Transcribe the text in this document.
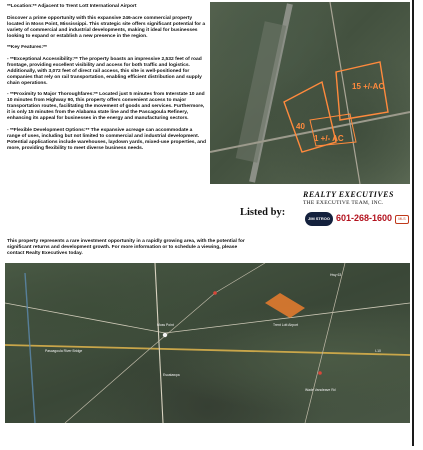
**Location:** Adjacent to Trent Lott International Airport

Discover a prime opportunity with this expansive 246-acre commercial property located in Moss Point, Mississippi. This strategic site offers significant potential for a variety of commercial and industrial developments, making it ideal for businesses looking to expand or establish a new presence in the region.

**Key Features:**

- **Exceptional Accessibility:** The property boasts an impressive 2,532 feet of road frontage, providing excellent visibility and access for both traffic and logistics. Additionally, with 3,072 feet of direct rail access, this site is well-positioned for companies that rely on rail transportation, enabling efficient distribution and supply chain operations.

- **Proximity to Major Thoroughfares:** Located just 5 minutes from Interstate 10 and 10 minutes from Highway 90, this property offers convenient access to major transportation routes, facilitating the movement of goods and services. Furthermore, it is only 15 minutes from the Alabama state line and the Pascagoula Refinery, enhancing its appeal for businesses in the energy and manufacturing sectors.

- **Flexible Development Options:** The expansive acreage can accommodate a range of uses, including but not limited to commercial and industrial development. Potential applications include warehouses, laydown yards, mixed-use properties, and more, providing flexibility to meet diverse business needs.

15 +/-AC
40
1 +/- AC
REALTY EXECUTIVES
THE EXECUTIVE TEAM, INC.
Listed by:
JIM STROO 601-268-1600	MLS
This property represents a rare investment opportunity in a rapidly growing area, with the potential for significant returns and development growth. For more information or to schedule a viewing, please contact Realty Executives today.
Pascagoula River Bridge
Moss Point
Escatawpa
Trent Lott Airport
Wade Vancleave Rd
I-10
Hwy 63
